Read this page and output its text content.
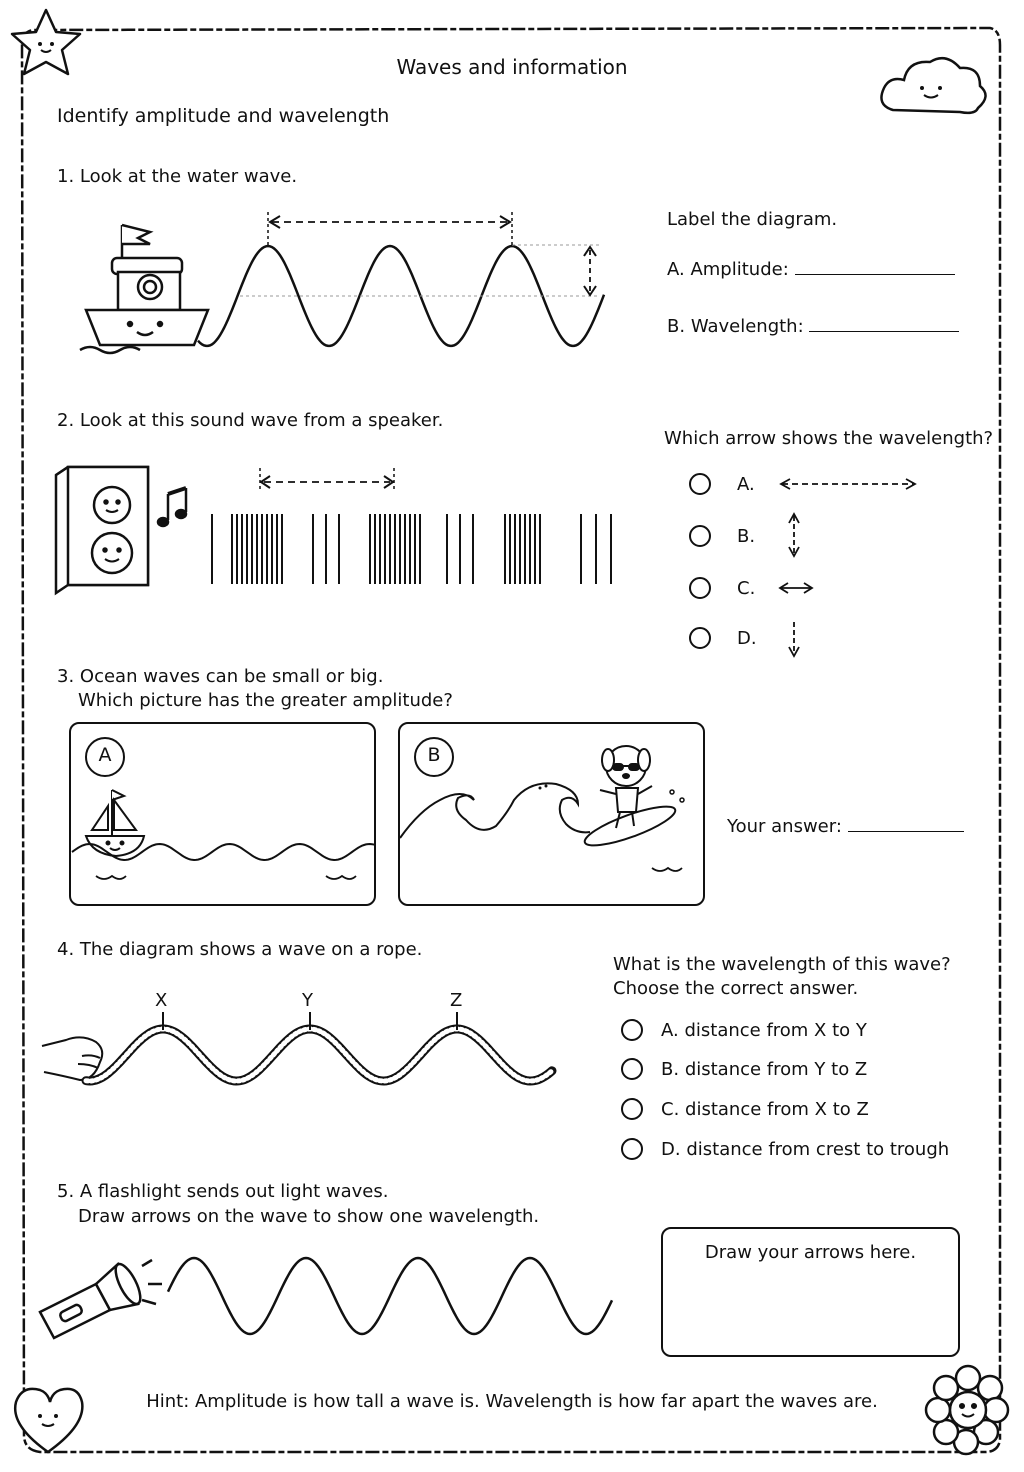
Waves and information
Identify amplitude and wavelength
1. Look at the water wave.
Label the diagram.
A. Amplitude:
B. Wavelength:
2. Look at this sound wave from a speaker.
Which arrow shows the wavelength?
A.
B.
C.
D.
3. Ocean waves can be small or big.
Which picture has the greater amplitude?
A	B
Your answer:
4. The diagram shows a wave on a rope.
What is the wavelength of this wave?
Choose the correct answer.
X	Y	Z
A. distance from X to Y
B. distance from Y to Z
C. distance from X to Z
D. distance from crest to trough
5. A flashlight sends out light waves.
Draw arrows on the wave to show one wavelength.
Draw your arrows here.
Hint: Amplitude is how tall a wave is. Wavelength is how far apart the waves are.
